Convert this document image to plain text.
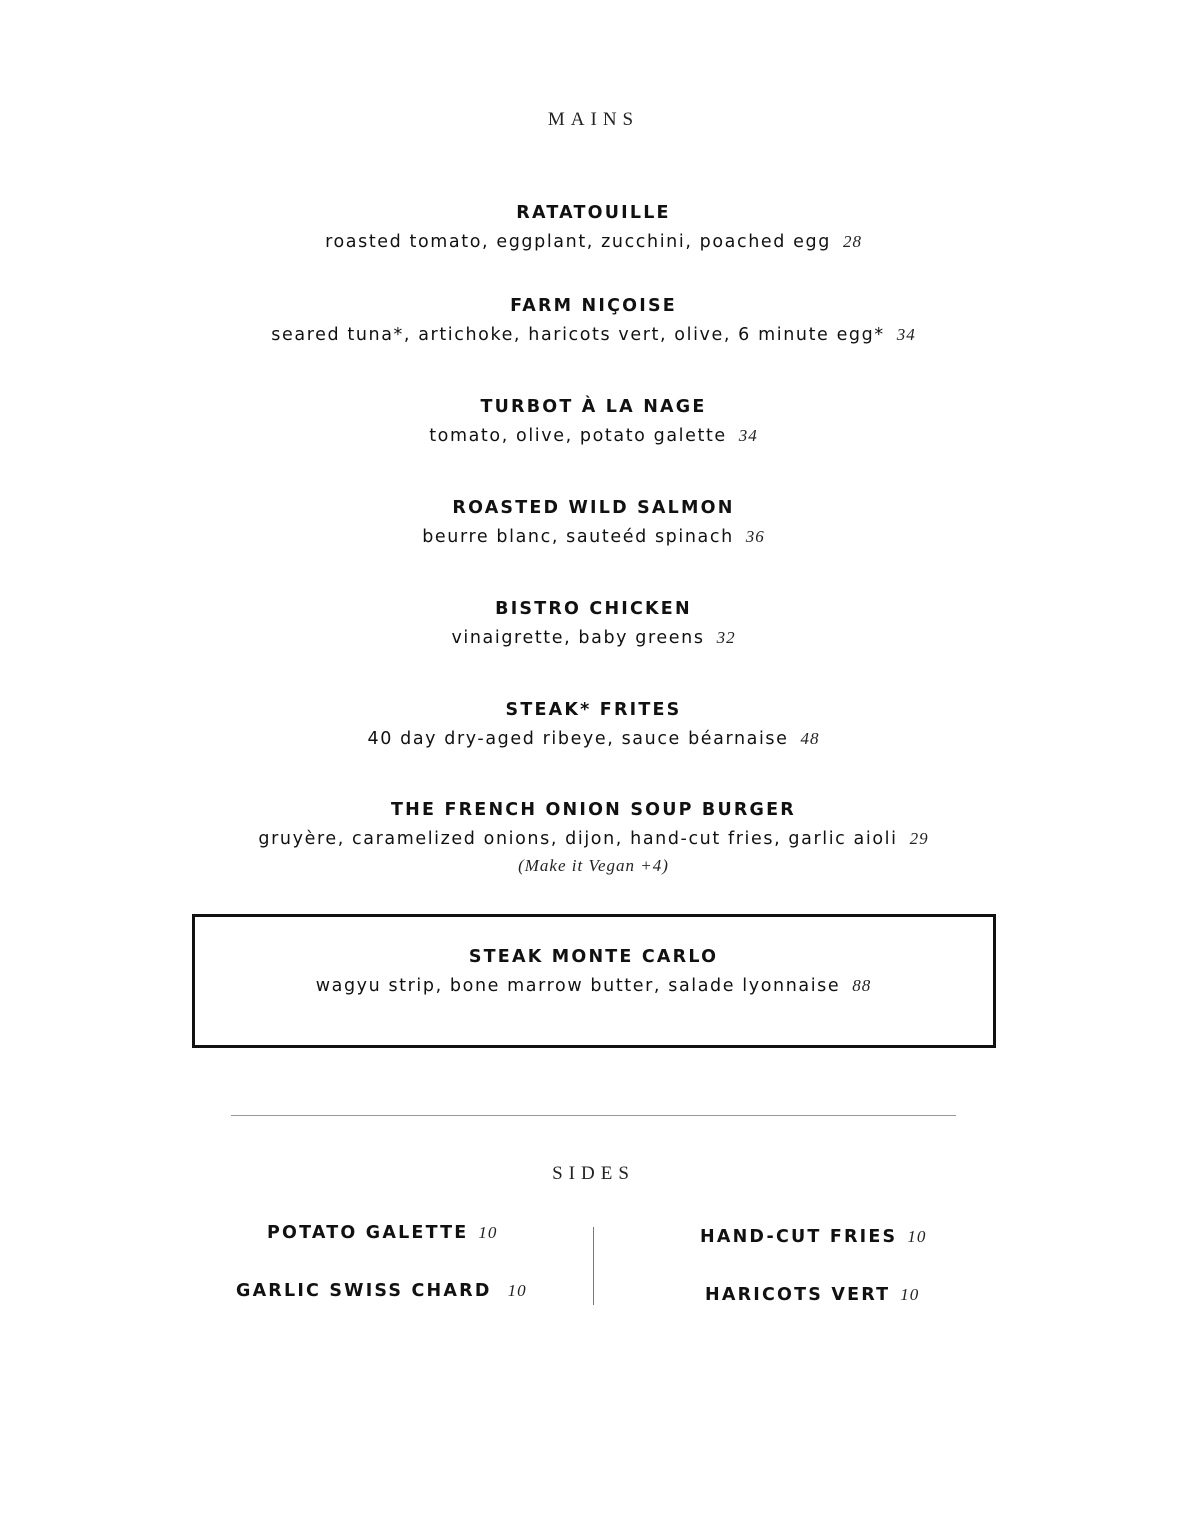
MAINS
RATATOUILLE
roasted tomato, eggplant, zucchini, poached egg 28
FARM NIÇOISE
seared tuna*, artichoke, haricots vert, olive, 6 minute egg* 34
TURBOT À LA NAGE
tomato, olive, potato galette 34
ROASTED WILD SALMON
beurre blanc, sauteéd spinach 36
BISTRO CHICKEN
vinaigrette, baby greens 32
STEAK* FRITES
40 day dry-aged ribeye, sauce béarnaise 48
THE FRENCH ONION SOUP BURGER
gruyère, caramelized onions, dijon, hand-cut fries, garlic aioli 29
(Make it Vegan +4)
STEAK MONTE CARLO
wagyu strip, bone marrow butter, salade lyonnaise 88
SIDES
POTATO GALETTE 10
GARLIC SWISS CHARD 10
HAND-CUT FRIES 10
HARICOTS VERT 10
